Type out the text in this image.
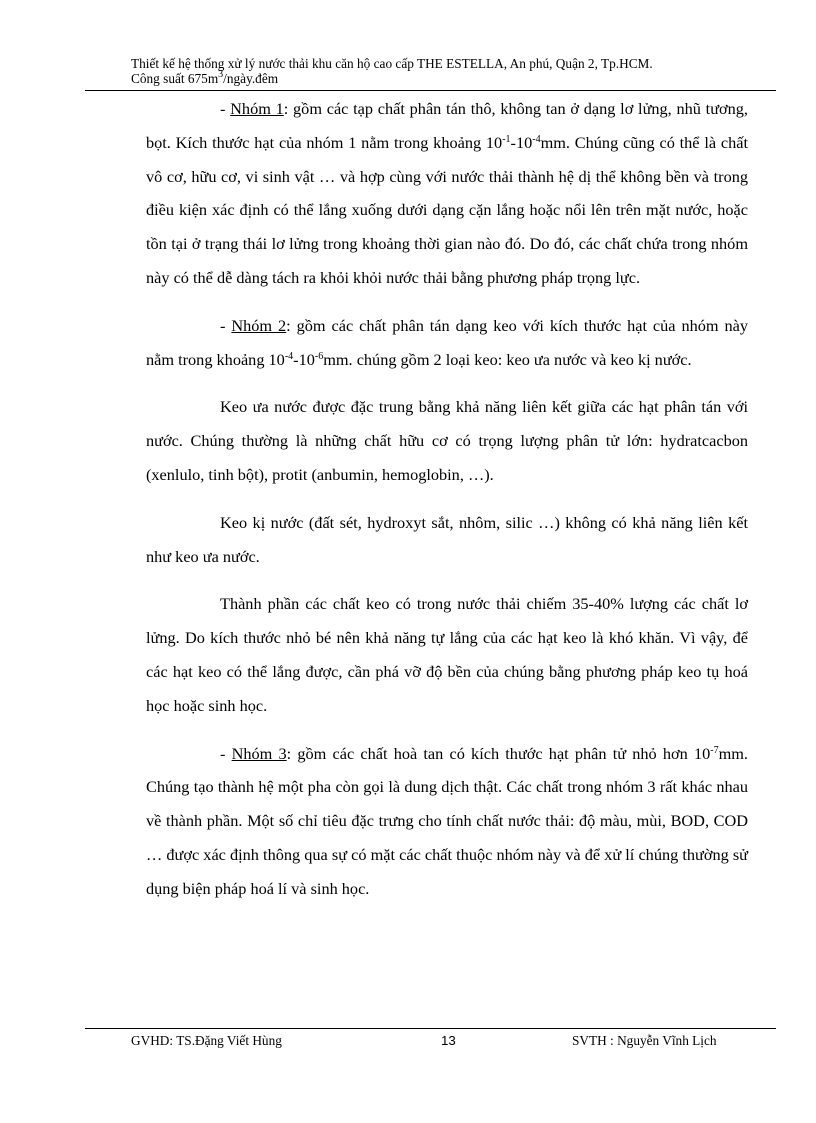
Thiết kế hệ thống xử lý nước thải khu căn hộ cao cấp THE ESTELLA, An phú, Quận 2, Tp.HCM.
Công suất $675m^3/ngày.đêm$

- Nhóm 1: gồm các tạp chất phân tán thô, không tan ở dạng lơ lửng, nhũ tương, bọt. Kích thước hạt của nhóm 1 nằm trong khoảng $10^{-1}-10^{-4}mm$. Chúng cũng có thể là chất vô cơ, hữu cơ, vi sinh vật … và hợp cùng với nước thải thành hệ dị thể không bền và trong điều kiện xác định có thể lắng xuống dưới dạng cặn lắng hoặc nổi lên trên mặt nước, hoặc tồn tại ở trạng thái lơ lửng trong khoảng thời gian nào đó. Do đó, các chất chứa trong nhóm này có thể dễ dàng tách ra khỏi khỏi nước thải bằng phương pháp trọng lực.

- Nhóm 2: gồm các chất phân tán dạng keo với kích thước hạt của nhóm này nằm trong khoảng $10^{-4}-10^{-6}mm$. chúng gồm 2 loại keo: keo ưa nước và keo kị nước.

Keo ưa nước được đặc trung bằng khả năng liên kết giữa các hạt phân tán với nước. Chúng thường là những chất hữu cơ có trọng lượng phân tử lớn: hydratcacbon (xenlulo, tinh bột), protit (anbumin, hemoglobin, …).

Keo kị nước (đất sét, hydroxyt sắt, nhôm, silic …) không có khả năng liên kết như keo ưa nước.

Thành phần các chất keo có trong nước thải chiếm 35-40% lượng các chất lơ lửng. Do kích thước nhỏ bé nên khả năng tự lắng của các hạt keo là khó khăn. Vì vậy, để các hạt keo có thể lắng được, cần phá vỡ độ bền của chúng bằng phương pháp keo tụ hoá học hoặc sinh học.

- Nhóm 3: gồm các chất hoà tan có kích thước hạt phân tử nhỏ hơn $10^{-7}mm$. Chúng tạo thành hệ một pha còn gọi là dung dịch thật. Các chất trong nhóm 3 rất khác nhau về thành phần. Một số chỉ tiêu đặc trưng cho tính chất nước thải: độ màu, mùi, BOD, COD … được xác định thông qua sự có mặt các chất thuộc nhóm này và để xử lí chúng thường sử dụng biện pháp hoá lí và sinh học.

GVHD: TS.Đặng Viết Hùng	13	SVTH : Nguyễn Vĩnh Lịch
